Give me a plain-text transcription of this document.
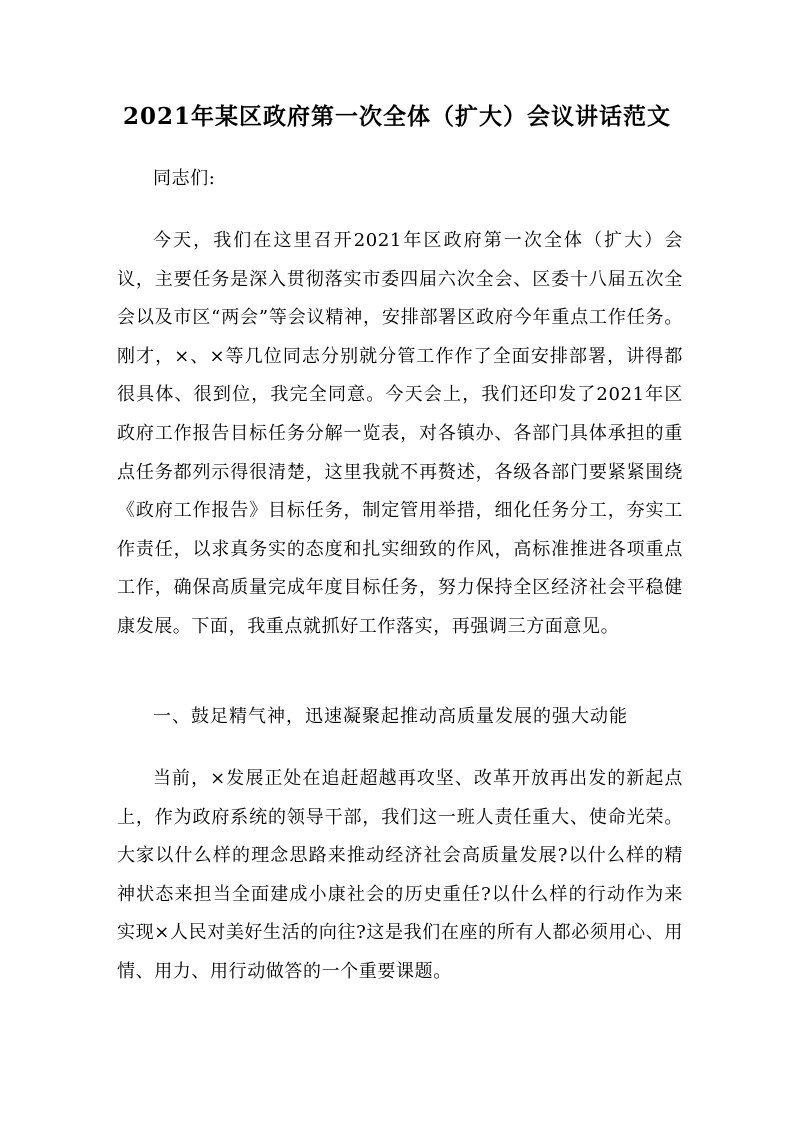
2021年某区政府第一次全体（扩大）会议讲话范文
同志们:
今天，我们在这里召开2021年区政府第一次全体（扩大）会议，主要任务是深入贯彻落实市委四届六次全会、区委十八届五次全会以及市区“两会”等会议精神，安排部署区政府今年重点工作任务。刚才，×、×等几位同志分别就分管工作作了全面安排部署，讲得都很具体、很到位，我完全同意。今天会上，我们还印发了2021年区政府工作报告目标任务分解一览表，对各镇办、各部门具体承担的重点任务都列示得很清楚，这里我就不再赘述，各级各部门要紧紧围绕《政府工作报告》目标任务，制定管用举措，细化任务分工，夯实工作责任，以求真务实的态度和扎实细致的作风，高标准推进各项重点工作，确保高质量完成年度目标任务，努力保持全区经济社会平稳健康发展。下面，我重点就抓好工作落实，再强调三方面意见。
一、鼓足精气神，迅速凝聚起推动高质量发展的强大动能
当前，×发展正处在追赶超越再攻坚、改革开放再出发的新起点上，作为政府系统的领导干部，我们这一班人责任重大、使命光荣。大家以什么样的理念思路来推动经济社会高质量发展?以什么样的精神状态来担当全面建成小康社会的历史重任?以什么样的行动作为来实现×人民对美好生活的向往?这是我们在座的所有人都必须用心、用情、用力、用行动做答的一个重要课题。
